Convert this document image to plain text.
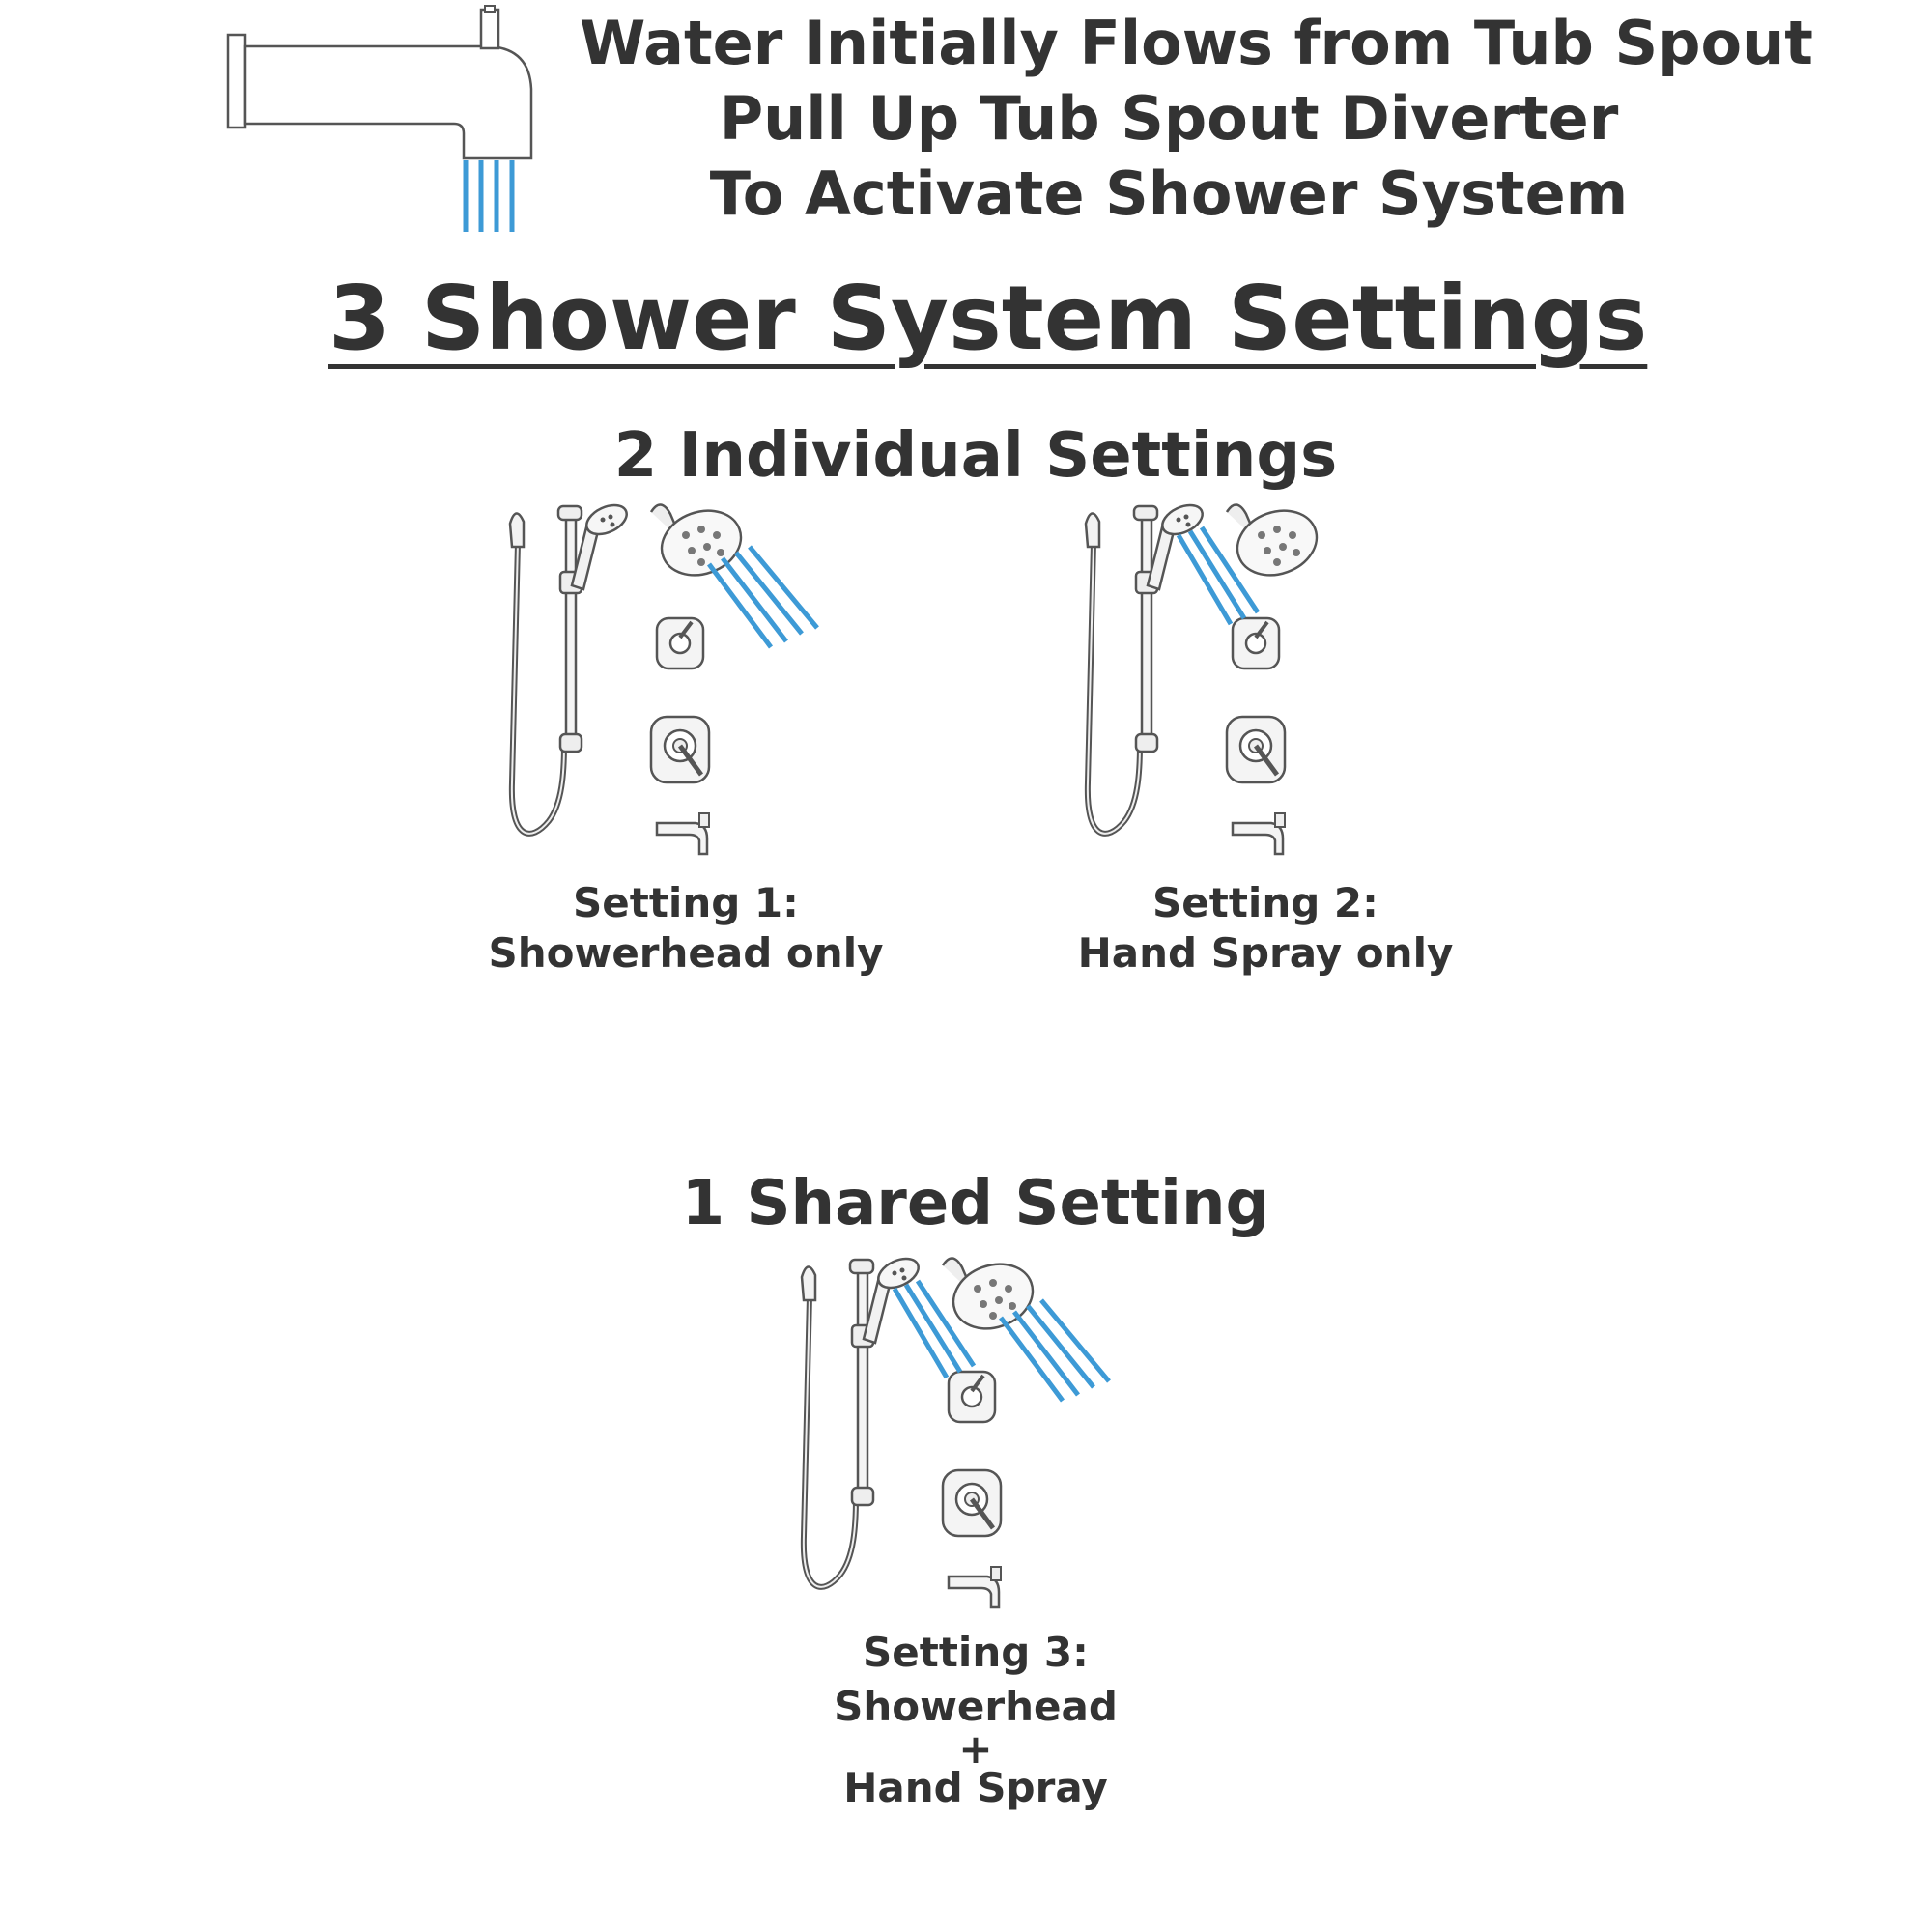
Water Initially Flows from Tub Spout

Pull Up Tub Spout Diverter

To Activate Shower System

3 Shower System Settings

2 Individual Settings

Setting 1:

Showerhead only

Setting 2:

Hand Spray only

1 Shared Setting

Setting 3:

Showerhead

+

Hand Spray
